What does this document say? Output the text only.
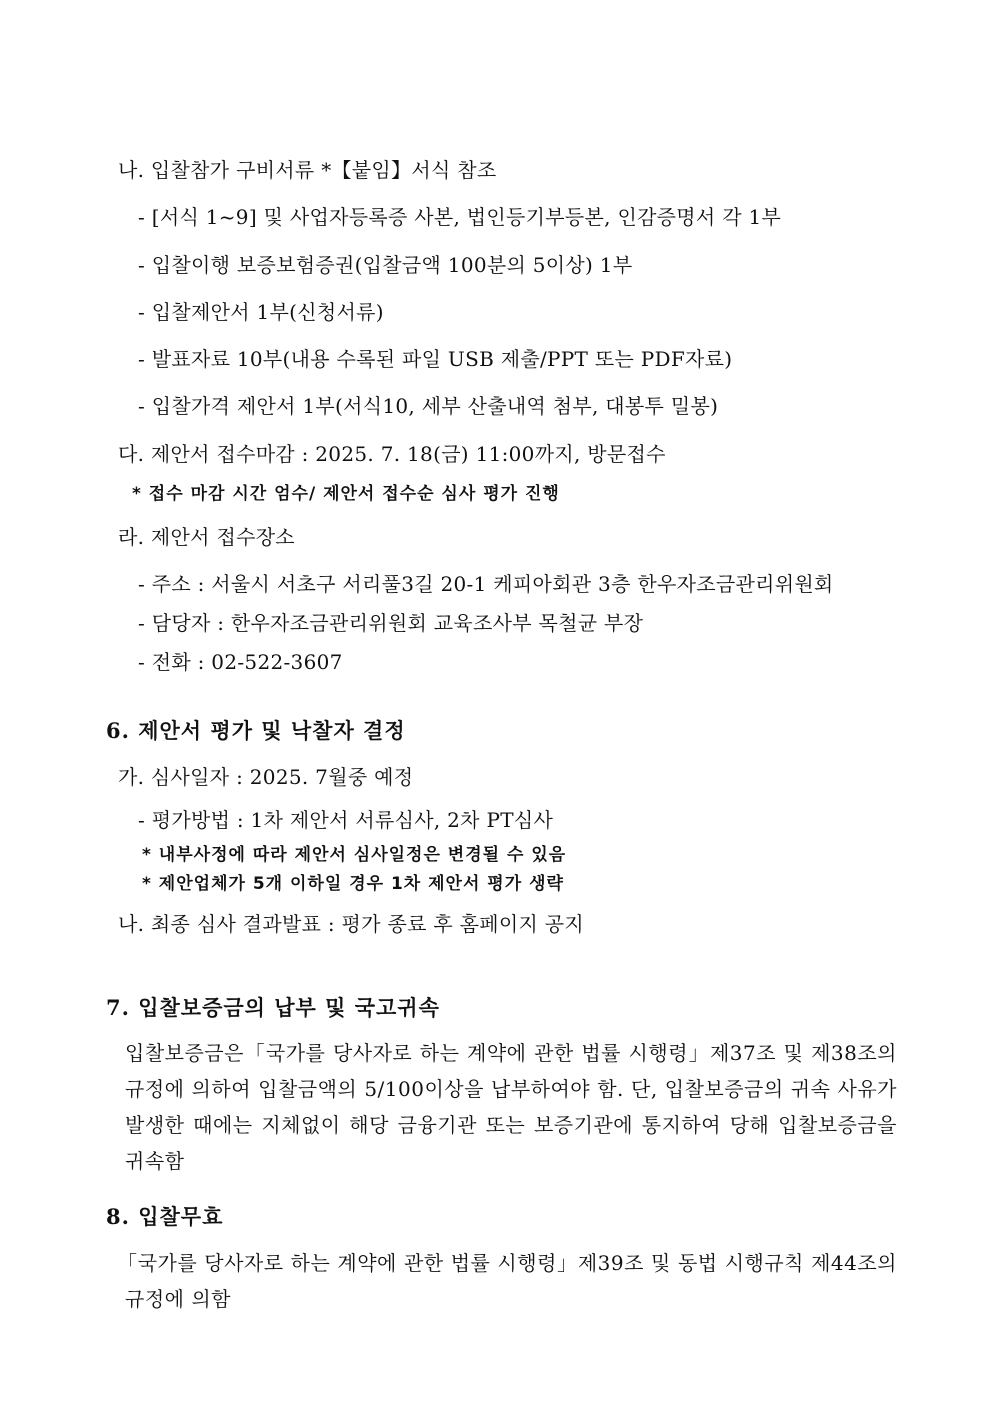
나. 입찰참가 구비서류 *【붙임】서식 참조
- [서식 1~9] 및 사업자등록증 사본, 법인등기부등본, 인감증명서 각 1부
- 입찰이행 보증보험증권(입찰금액 100분의 5이상) 1부
- 입찰제안서 1부(신청서류)
- 발표자료 10부(내용 수록된 파일 USB 제출/PPT 또는 PDF자료)
- 입찰가격 제안서 1부(서식10, 세부 산출내역 첨부, 대봉투 밀봉)
다. 제안서 접수마감 : 2025. 7. 18(금) 11:00까지, 방문접수
* 접수 마감 시간 엄수/ 제안서 접수순 심사 평가 진행
라. 제안서 접수장소
- 주소 : 서울시 서초구 서리풀3길 20-1 케피아회관 3층 한우자조금관리위원회
- 담당자 : 한우자조금관리위원회 교육조사부 목철균 부장
- 전화 : 02-522-3607
6. 제안서 평가 및 낙찰자 결정
가. 심사일자 : 2025. 7월중 예정
- 평가방법 : 1차 제안서 서류심사, 2차 PT심사
* 내부사정에 따라 제안서 심사일정은 변경될 수 있음
* 제안업체가 5개 이하일 경우 1차 제안서 평가 생략
나. 최종 심사 결과발표 : 평가 종료 후 홈페이지 공지
7. 입찰보증금의 납부 및 국고귀속
입찰보증금은「국가를 당사자로 하는 계약에 관한 법률 시행령」제37조 및 제38조의 규정에 의하여 입찰금액의 5/100이상을 납부하여야 함. 단, 입찰보증금의 귀속 사유가 발생한 때에는 지체없이 해당 금융기관 또는 보증기관에 통지하여 당해 입찰보증금을 귀속함
8. 입찰무효
「국가를 당사자로 하는 계약에 관한 법률 시행령」제39조 및 동법 시행규칙 제44조의 규정에 의함
